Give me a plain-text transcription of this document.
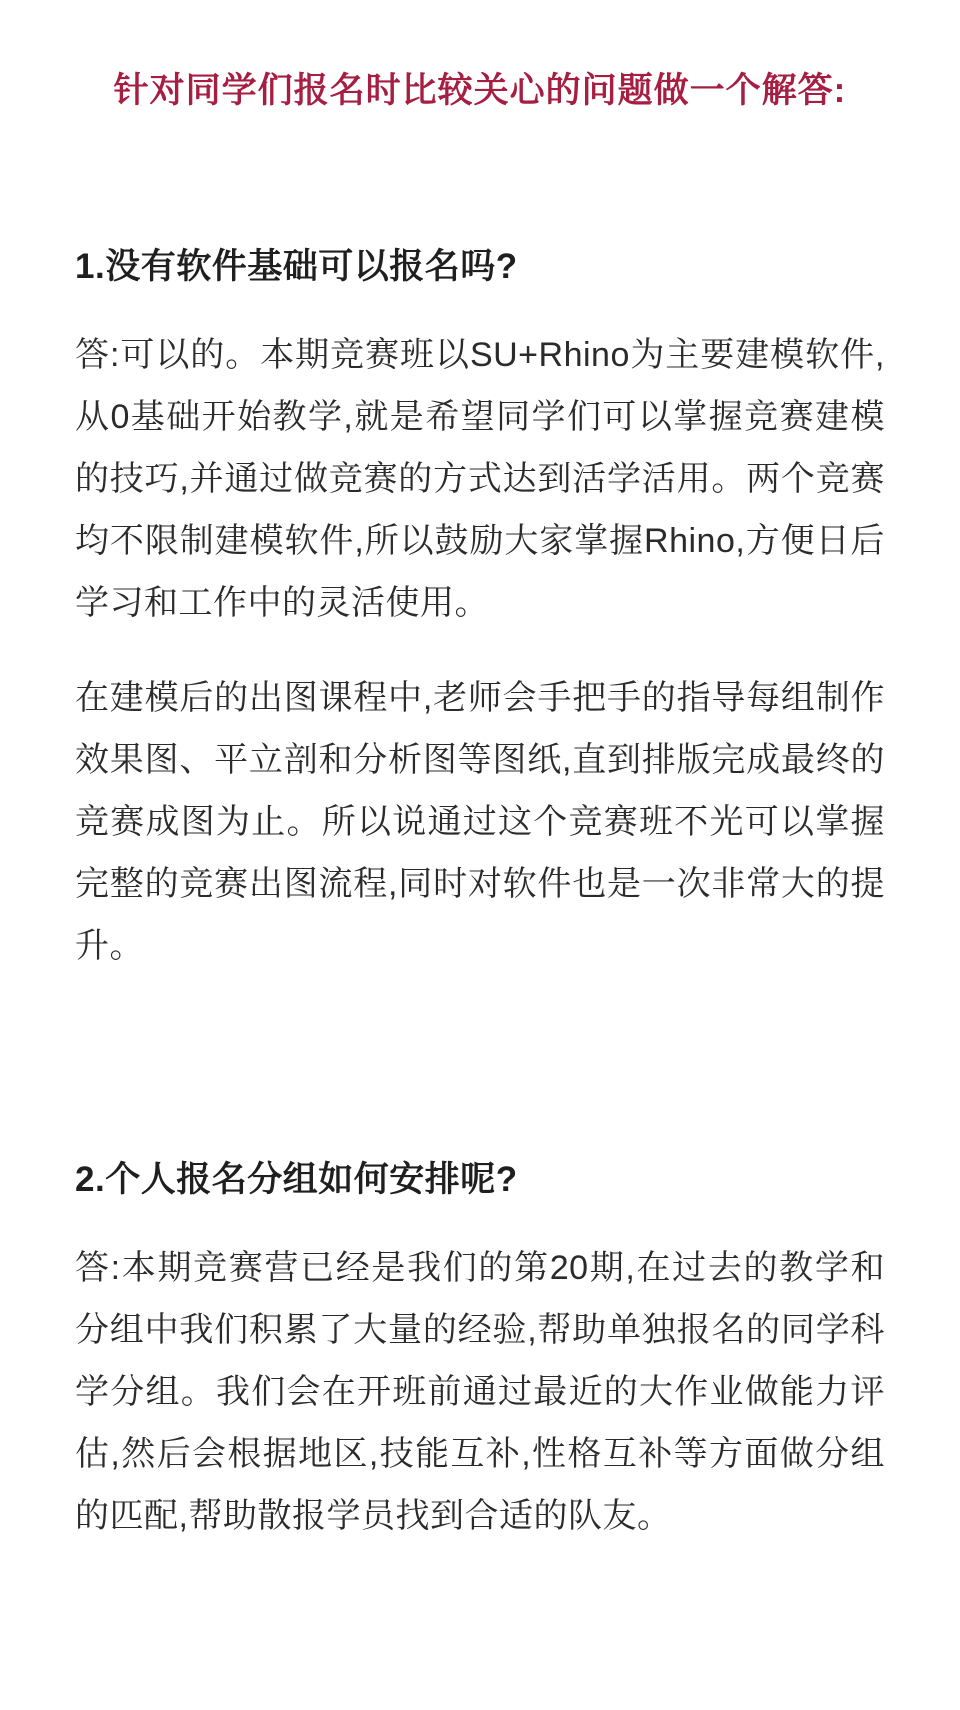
针对同学们报名时比较关心的问题做一个解答:
1.没有软件基础可以报名吗?

答:可以的。本期竞赛班以SU+Rhino为主要建模软件,从0基础开始教学,就是希望同学们可以掌握竞赛建模的技巧,并通过做竞赛的方式达到活学活用。两个竞赛均不限制建模软件,所以鼓励大家掌握Rhino,方便日后学习和工作中的灵活使用。

在建模后的出图课程中,老师会手把手的指导每组制作效果图、平立剖和分析图等图纸,直到排版完成最终的竞赛成图为止。所以说通过这个竞赛班不光可以掌握完整的竞赛出图流程,同时对软件也是一次非常大的提升。

2.个人报名分组如何安排呢?

答:本期竞赛营已经是我们的第20期,在过去的教学和分组中我们积累了大量的经验,帮助单独报名的同学科学分组。我们会在开班前通过最近的大作业做能力评估,然后会根据地区,技能互补,性格互补等方面做分组的匹配,帮助散报学员找到合适的队友。
